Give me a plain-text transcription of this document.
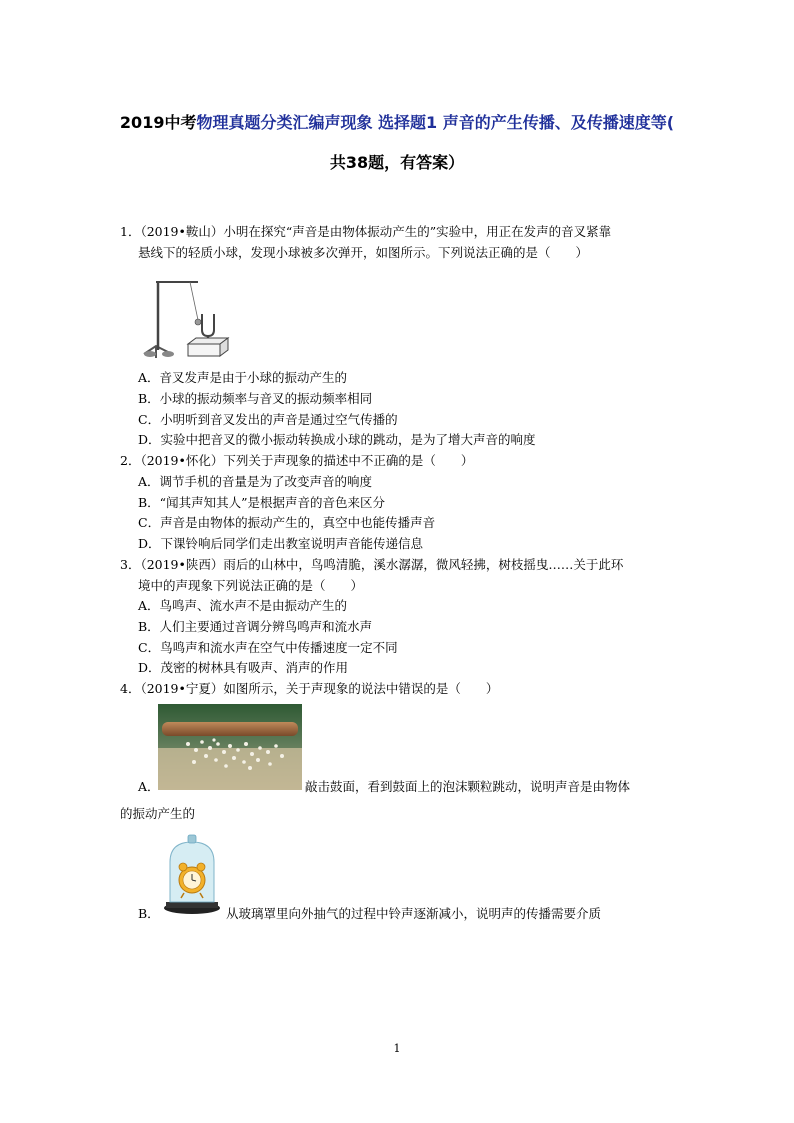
2019中考物理真题分类汇编声现象 选择题1 声音的产生传播、及传播速度等(
共38题，有答案）
1．（2019•鞍山）小明在探究“声音是由物体振动产生的”实验中，用正在发声的音叉紧靠
悬线下的轻质小球，发现小球被多次弹开，如图所示。下列说法正确的是（　　）
A．音叉发声是由于小球的振动产生的
B．小球的振动频率与音叉的振动频率相同
C．小明听到音叉发出的声音是通过空气传播的
D．实验中把音叉的微小振动转换成小球的跳动，是为了增大声音的响度
2．（2019•怀化）下列关于声现象的描述中不正确的是（　　）
A．调节手机的音量是为了改变声音的响度
B．“闻其声知其人”是根据声音的音色来区分
C．声音是由物体的振动产生的，真空中也能传播声音
D．下课铃响后同学们走出教室说明声音能传递信息
3．（2019•陕西）雨后的山林中，鸟鸣清脆，溪水潺潺，微风轻拂，树枝摇曳……关于此环
境中的声现象下列说法正确的是（　　）
A．鸟鸣声、流水声不是由振动产生的
B．人们主要通过音调分辨鸟鸣声和流水声
C．鸟鸣声和流水声在空气中传播速度一定不同
D．茂密的树林具有吸声、消声的作用
4．（2019•宁夏）如图所示，关于声现象的说法中错误的是（　　）
A．	敲击鼓面，看到鼓面上的泡沫颗粒跳动，说明声音是由物体
的振动产生的
B．	从玻璃罩里向外抽气的过程中铃声逐渐减小，说明声的传播需要介质
1
